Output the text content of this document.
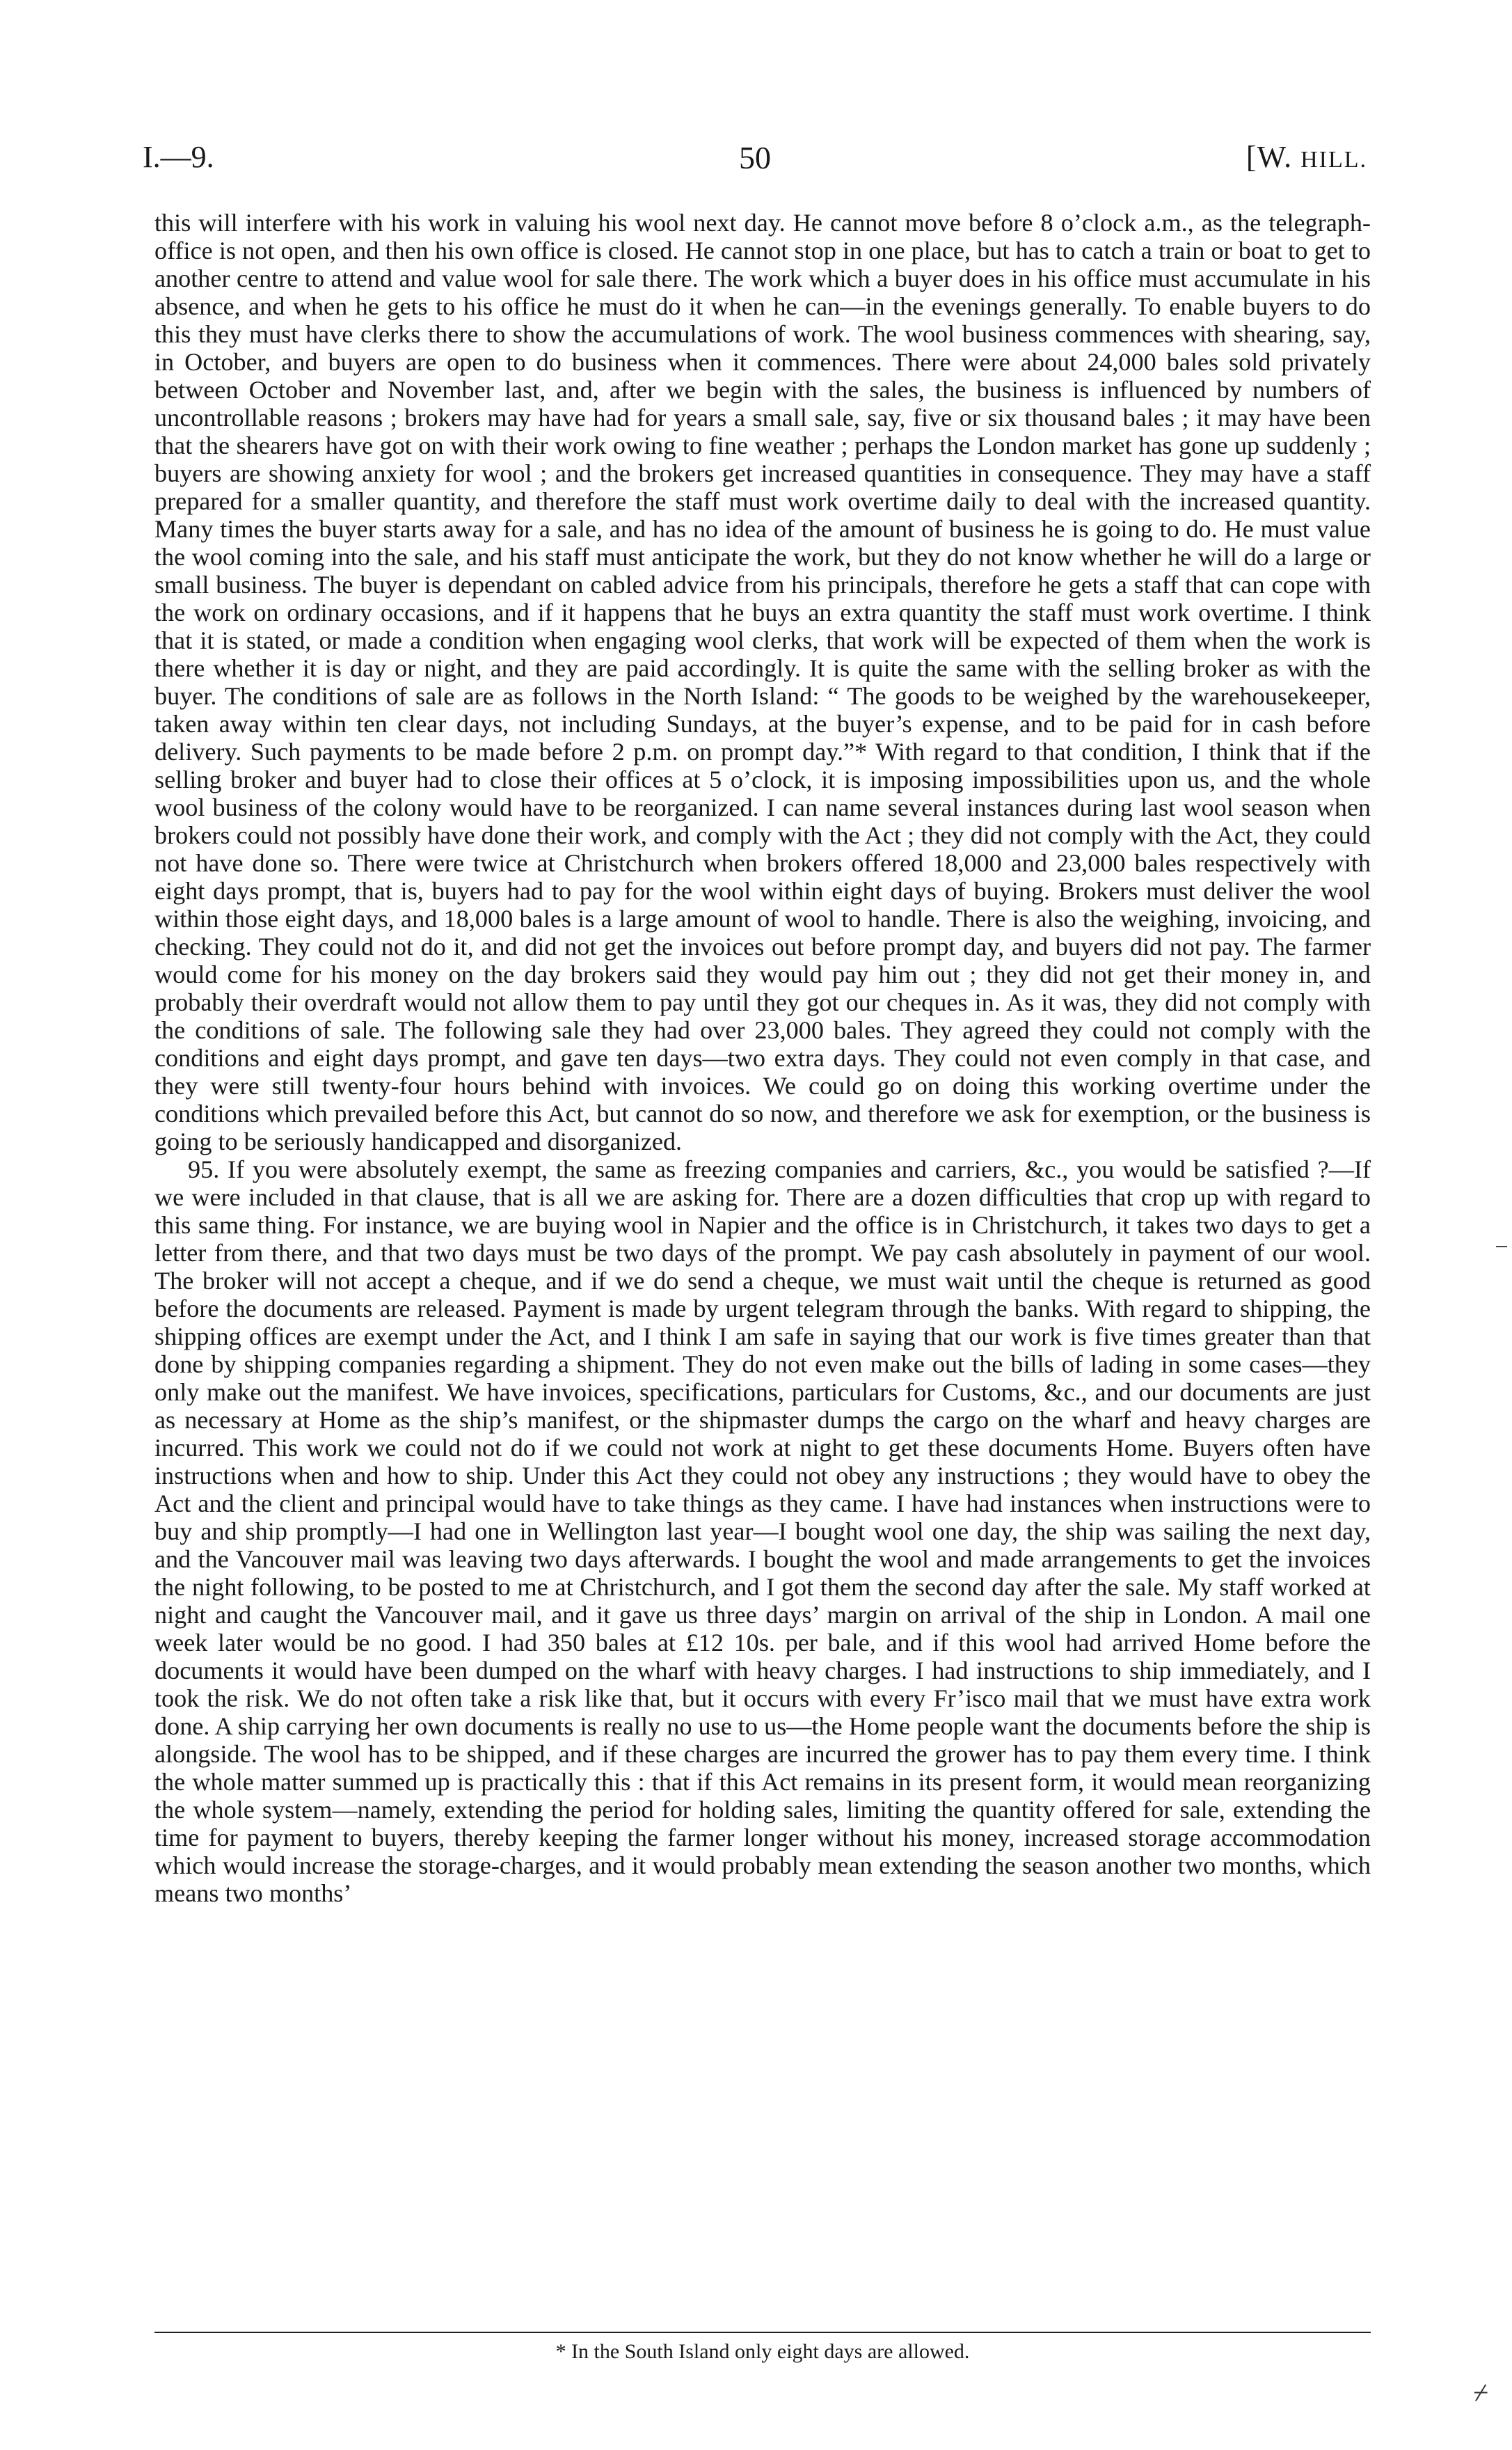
I.—9.	50	[W. HILL.

this will interfere with his work in valuing his wool next day. He cannot move before 8 o’clock a.m., as the telegraph-office is not open, and then his own office is closed. He cannot stop in one place, but has to catch a train or boat to get to another centre to attend and value wool for sale there. The work which a buyer does in his office must accumulate in his absence, and when he gets to his office he must do it when he can—in the evenings generally. To enable buyers to do this they must have clerks there to show the accumulations of work. The wool business commences with shearing, say, in October, and buyers are open to do business when it commences. There were about 24,000 bales sold privately between October and November last, and, after we begin with the sales, the business is influenced by numbers of uncontrollable reasons ; brokers may have had for years a small sale, say, five or six thousand bales ; it may have been that the shearers have got on with their work owing to fine weather ; perhaps the London market has gone up suddenly ; buyers are showing anxiety for wool ; and the brokers get increased quantities in consequence. They may have a staff prepared for a smaller quantity, and therefore the staff must work overtime daily to deal with the increased quantity. Many times the buyer starts away for a sale, and has no idea of the amount of business he is going to do. He must value the wool coming into the sale, and his staff must anticipate the work, but they do not know whether he will do a large or small business. The buyer is dependant on cabled advice from his principals, therefore he gets a staff that can cope with the work on ordinary occasions, and if it happens that he buys an extra quantity the staff must work overtime. I think that it is stated, or made a condition when engaging wool clerks, that work will be expected of them when the work is there whether it is day or night, and they are paid accordingly. It is quite the same with the selling broker as with the buyer. The conditions of sale are as follows in the North Island: “ The goods to be weighed by the warehousekeeper, taken away within ten clear days, not including Sundays, at the buyer’s expense, and to be paid for in cash before delivery. Such payments to be made before 2 p.m. on prompt day.”* With regard to that condition, I think that if the selling broker and buyer had to close their offices at 5 o’clock, it is imposing impossibilities upon us, and the whole wool business of the colony would have to be reorganized. I can name several instances during last wool season when brokers could not possibly have done their work, and comply with the Act ; they did not comply with the Act, they could not have done so. There were twice at Christchurch when brokers offered 18,000 and 23,000 bales respectively with eight days prompt, that is, buyers had to pay for the wool within eight days of buying. Brokers must deliver the wool within those eight days, and 18,000 bales is a large amount of wool to handle. There is also the weighing, invoicing, and checking. They could not do it, and did not get the invoices out before prompt day, and buyers did not pay. The farmer would come for his money on the day brokers said they would pay him out ; they did not get their money in, and probably their overdraft would not allow them to pay until they got our cheques in. As it was, they did not comply with the conditions of sale. The following sale they had over 23,000 bales. They agreed they could not comply with the conditions and eight days prompt, and gave ten days—two extra days. They could not even comply in that case, and they were still twenty-four hours behind with invoices. We could go on doing this working overtime under the conditions which prevailed before this Act, but cannot do so now, and therefore we ask for exemption, or the business is going to be seriously handicapped and disorganized.

95. If you were absolutely exempt, the same as freezing companies and carriers, &c., you would be satisfied ?—If we were included in that clause, that is all we are asking for. There are a dozen difficulties that crop up with regard to this same thing. For instance, we are buying wool in Napier and the office is in Christchurch, it takes two days to get a letter from there, and that two days must be two days of the prompt. We pay cash absolutely in payment of our wool. The broker will not accept a cheque, and if we do send a cheque, we must wait until the cheque is returned as good before the documents are released. Payment is made by urgent telegram through the banks. With regard to shipping, the shipping offices are exempt under the Act, and I think I am safe in saying that our work is five times greater than that done by shipping companies regarding a shipment. They do not even make out the bills of lading in some cases—they only make out the manifest. We have invoices, specifications, particulars for Customs, &c., and our documents are just as necessary at Home as the ship’s manifest, or the shipmaster dumps the cargo on the wharf and heavy charges are incurred. This work we could not do if we could not work at night to get these documents Home. Buyers often have instructions when and how to ship. Under this Act they could not obey any instructions ; they would have to obey the Act and the client and principal would have to take things as they came. I have had instances when instructions were to buy and ship promptly—I had one in Wellington last year—I bought wool one day, the ship was sailing the next day, and the Vancouver mail was leaving two days afterwards. I bought the wool and made arrangements to get the invoices the night following, to be posted to me at Christchurch, and I got them the second day after the sale. My staff worked at night and caught the Vancouver mail, and it gave us three days’ margin on arrival of the ship in London. A mail one week later would be no good. I had 350 bales at £12 10s. per bale, and if this wool had arrived Home before the documents it would have been dumped on the wharf with heavy charges. I had instructions to ship immediately, and I took the risk. We do not often take a risk like that, but it occurs with every Fr’isco mail that we must have extra work done. A ship carrying her own documents is really no use to us—the Home people want the documents before the ship is alongside. The wool has to be shipped, and if these charges are incurred the grower has to pay them every time. I think the whole matter summed up is practically this : that if this Act remains in its present form, it would mean reorganizing the whole system—namely, extending the period for holding sales, limiting the quantity offered for sale, extending the time for payment to buyers, thereby keeping the farmer longer without his money, increased storage accommodation which would increase the storage-charges, and it would probably mean extending the season another two months, which means two months’

* In the South Island only eight days are allowed.
⌿
